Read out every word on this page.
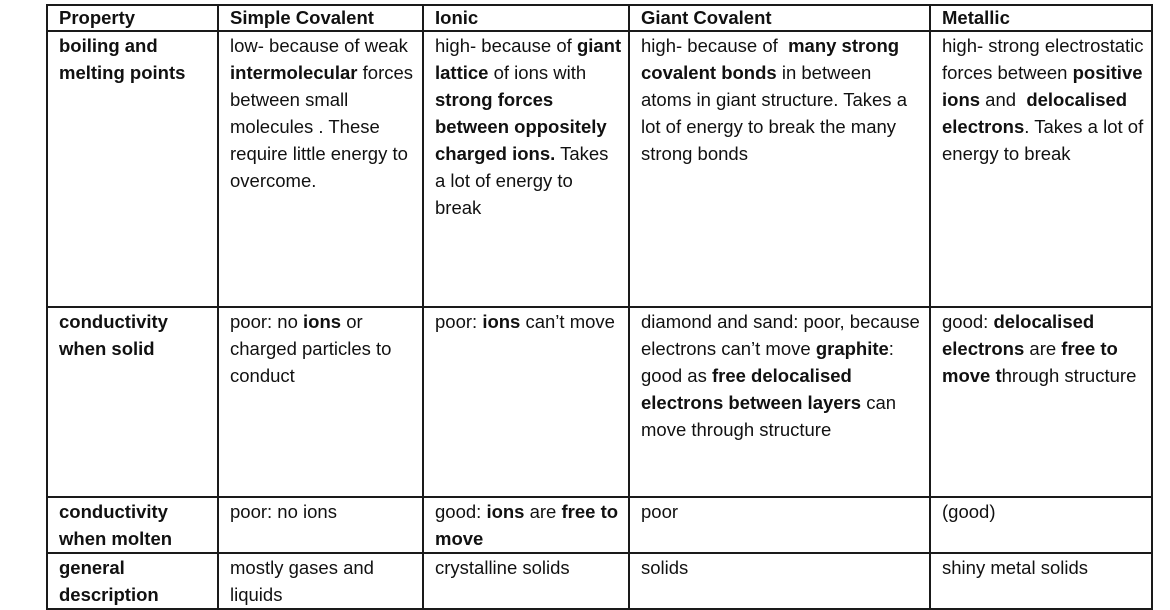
Property	Simple Covalent	Ionic	Giant Covalent	Metallic

boiling and
melting points	low- because of weak intermolecular forces between small molecules . These require little energy to overcome.	high- because of giant lattice of ions with strong forces between oppositely charged ions. Takes a lot of energy to break	high- because of  many strong covalent bonds in between atoms in giant structure. Takes a lot of energy to break the many strong bonds	high- strong electrostatic forces between positive ions and  delocalised electrons. Takes a lot of energy to break

conductivity
when solid	poor: no ions or charged particles to conduct	poor: ions can’t move	diamond and sand: poor, because electrons can’t move graphite: good as free delocalised electrons between layers can move through structure	good: delocalised electrons are free to move through structure

conductivity
when molten	poor: no ions	good: ions are free to move	poor	(good)

general
description	mostly gases and liquids	crystalline solids	solids	shiny metal solids
